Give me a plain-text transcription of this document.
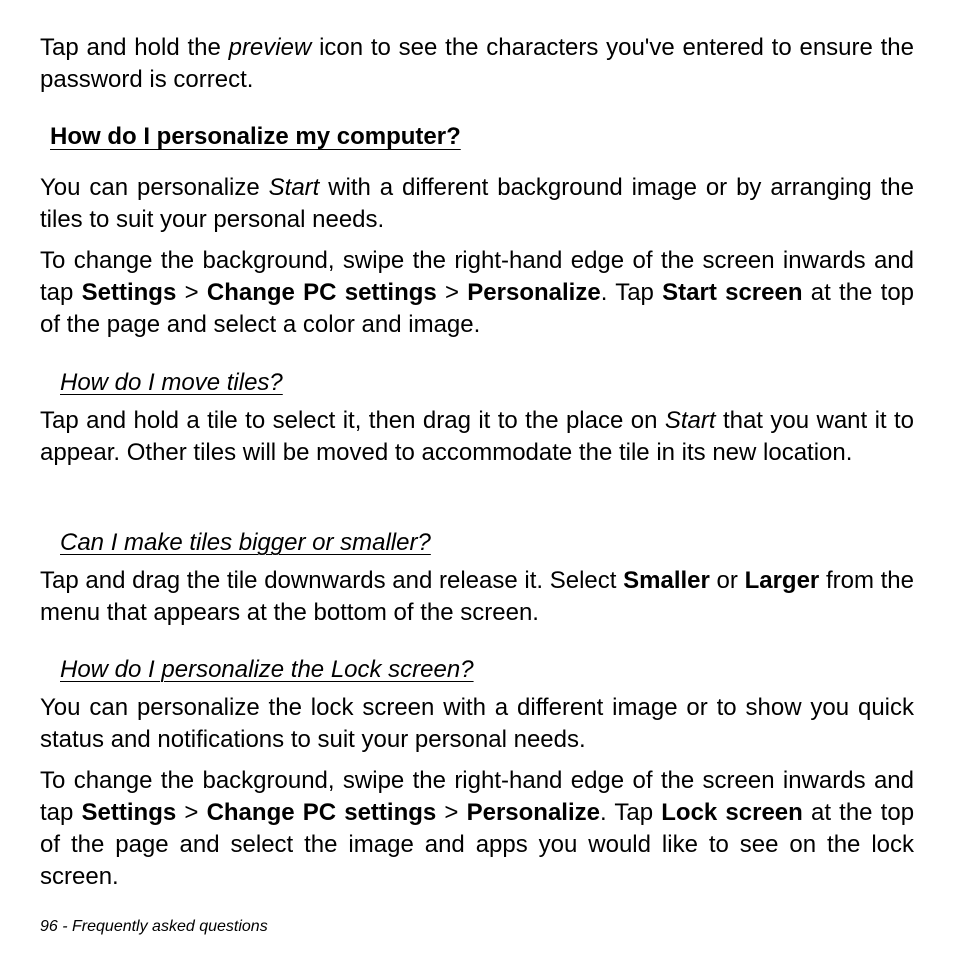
Tap and hold the preview icon to see the characters you've entered to ensure the password is correct.

How do I personalize my computer?

You can personalize Start with a different background image or by arranging the tiles to suit your personal needs.

To change the background, swipe the right-hand edge of the screen inwards and tap Settings > Change PC settings > Personalize. Tap Start screen at the top of the page and select a color and image.

How do I move tiles?

Tap and hold a tile to select it, then drag it to the place on Start that you want it to appear. Other tiles will be moved to accommodate the tile in its new location.

Can I make tiles bigger or smaller?

Tap and drag the tile downwards and release it. Select Smaller or Larger from the menu that appears at the bottom of the screen.

How do I personalize the Lock screen?

You can personalize the lock screen with a different image or to show you quick status and notifications to suit your personal needs.

To change the background, swipe the right-hand edge of the screen inwards and tap Settings > Change PC settings > Personalize. Tap Lock screen at the top of the page and select the image and apps you would like to see on the lock screen.

96 - Frequently asked questions
